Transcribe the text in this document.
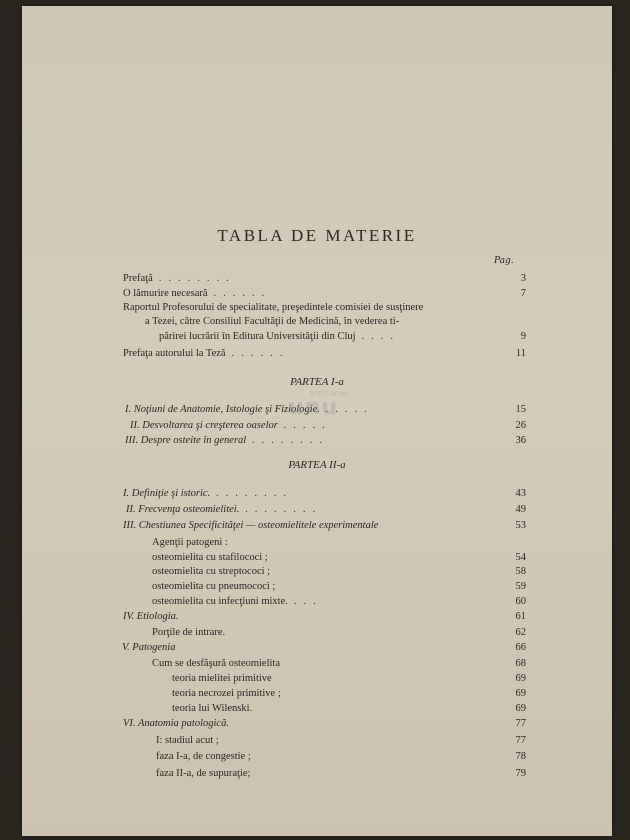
TABLA DE MATERIE
Pag.
Prefaţă ........	3
O lămurire necesară ......	7
Raportul Profesorului de specialitate, preşedintele comisiei de susţinere
a Tezei, către Consiliul Facultăţii de Medicină, în vederea ti-
părirei lucrării în Editura Universităţii din Cluj ....	9
Prefaţa autorului la Teză ......	11
I. Noţiuni de Anatomie, Istologie şi Fiziologie. .....	15
II. Desvoltarea şi creşterea oaselor .....	26
III. Despre osteite în general ........	36
I. Definiţie şi istoric. ........	43
II. Frecvenţa osteomielitei. ........	49
III. Chestiunea Specificităţei — osteomielitele experimentale	53
Agenţii patogeni :
osteomielita cu stafilococi ;	54
osteomielita cu streptococi ;	58
osteomielita cu pneumococi ;	59
osteomielita cu infecţiuni mixte. ...	60
IV. Etiologia.	61
Porţile de intrare.	62
V. Patogenia	66
Cum se desfăşură osteomielita	68
teoria mielitei primitive	69
teoria necrozei primitive ;	69
teoria lui Wilenski.	69
VI. Anatomia patologică.	77
I: stadiul acut ;	77
faza I-a, de congestie ;	78
faza II-a, de supuraţie;	79
PARTEA I-a
PARTEA II-a
anticariat
unu
